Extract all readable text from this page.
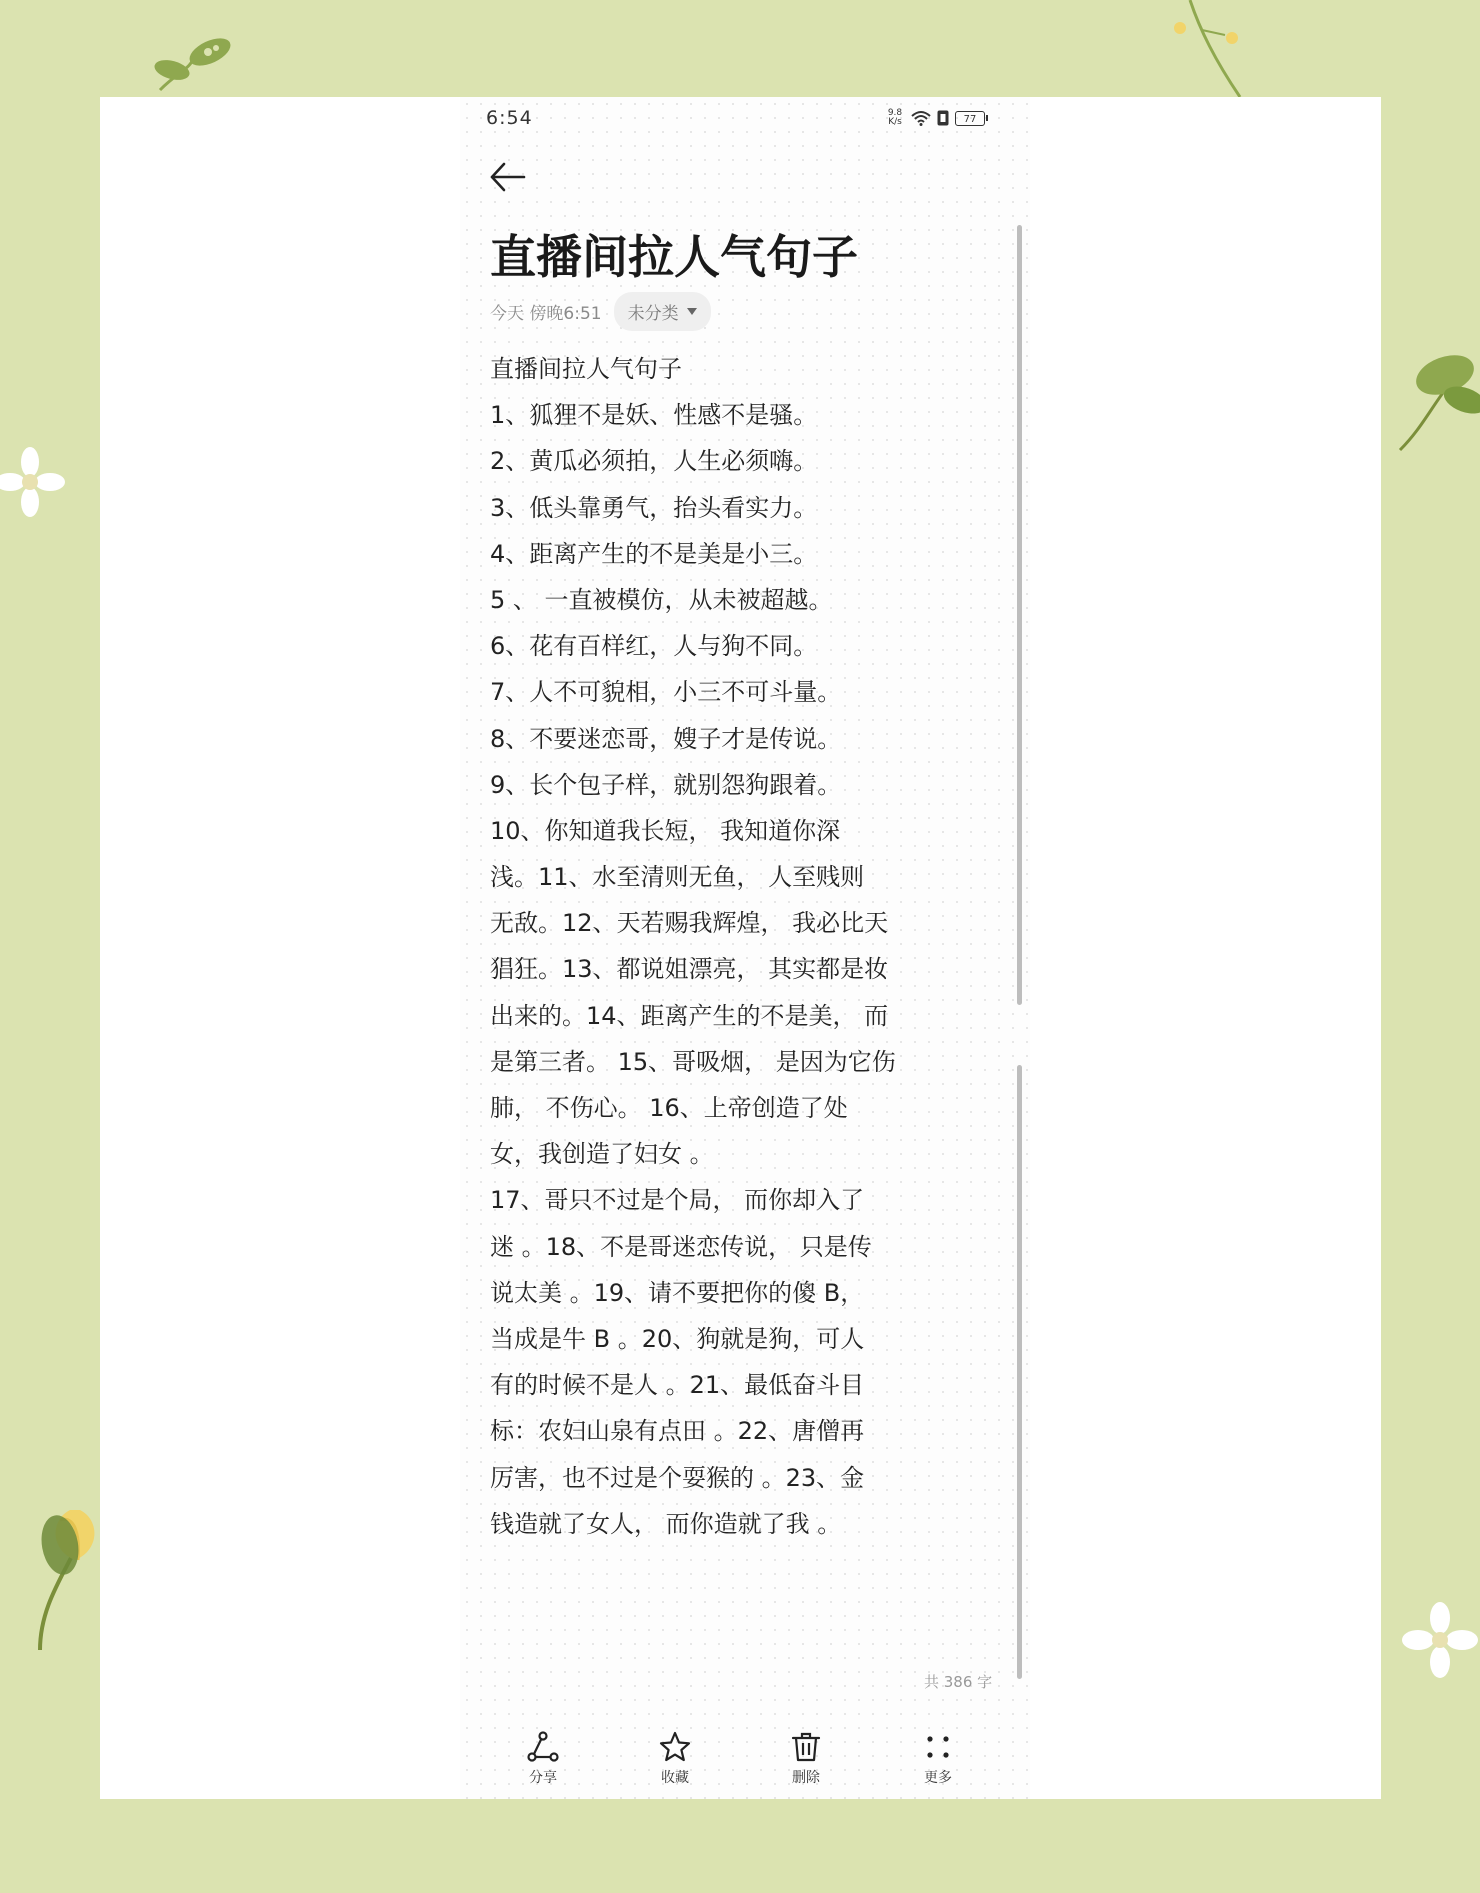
6:54	9.8
K/s	77
直播间拉人气句子
今天 傍晚6:51 未分类
直播间拉人气句子
1、狐狸不是妖、性感不是骚。
2、黄瓜必须拍，人生必须嗨。
3、低头靠勇气，抬头看实力。
4、距离产生的不是美是小三。
5 、 一直被模仿，从未被超越。
6、花有百样红，人与狗不同。
7、人不可貌相，小三不可斗量。
8、不要迷恋哥，嫂子才是传说。
9、长个包子样，就别怨狗跟着。
10、你知道我长短， 我知道你深
浅。11、水至清则无鱼， 人至贱则
无敌。12、天若赐我辉煌， 我必比天
猖狂。13、都说姐漂亮， 其实都是妆
出来的。14、距离产生的不是美， 而
是第三者。 15、哥吸烟， 是因为它伤
肺， 不伤心。 16、上帝创造了处
女，我创造了妇女 。
17、哥只不过是个局， 而你却入了
迷 。18、不是哥迷恋传说， 只是传
说太美 。19、请不要把你的傻 B，
当成是牛 B 。20、狗就是狗，可人
有的时候不是人 。21、最低奋斗目
标：农妇山泉有点田 。22、唐僧再
厉害，也不过是个耍猴的 。23、金
钱造就了女人， 而你造就了我 。
共 386 字
分享	收藏	删除	更多
